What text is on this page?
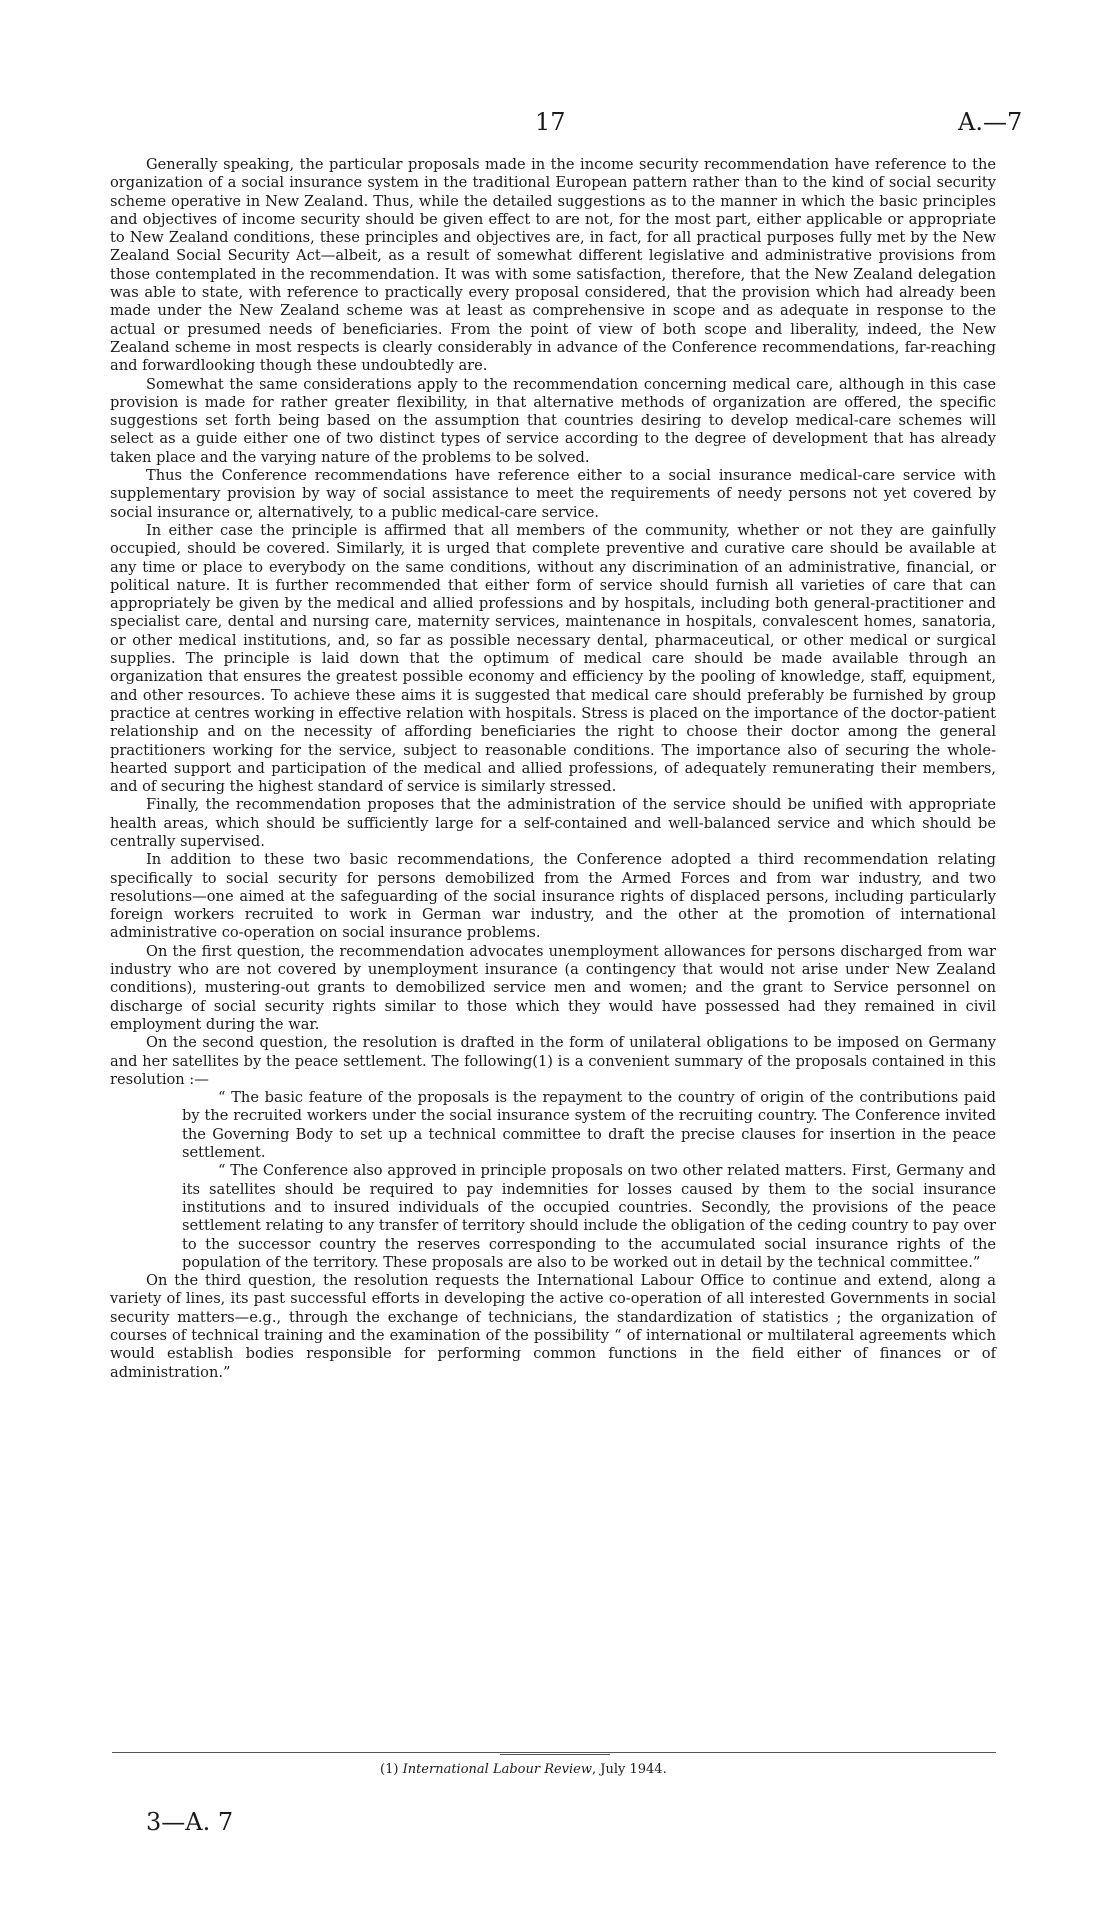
17	A.—7

Generally speaking, the particular proposals made in the income security recommendation have reference to the organization of a social insurance system in the traditional European pattern rather than to the kind of social security scheme operative in New Zealand. Thus, while the detailed suggestions as to the manner in which the basic principles and objectives of income security should be given effect to are not, for the most part, either applicable or appropriate to New Zealand conditions, these principles and objectives are, in fact, for all practical purposes fully met by the New Zealand Social Security Act—albeit, as a result of somewhat different legislative and administrative provisions from those contemplated in the recommendation. It was with some satisfaction, therefore, that the New Zealand delegation was able to state, with reference to practically every proposal considered, that the provision which had already been made under the New Zealand scheme was at least as comprehensive in scope and as adequate in response to the actual or presumed needs of beneficiaries. From the point of view of both scope and liberality, indeed, the New Zealand scheme in most respects is clearly considerably in advance of the Conference recommendations, far-reaching and forwardlooking though these undoubtedly are.

Somewhat the same considerations apply to the recommendation concerning medical care, although in this case provision is made for rather greater flexibility, in that alternative methods of organization are offered, the specific suggestions set forth being based on the assumption that countries desiring to develop medical-care schemes will select as a guide either one of two distinct types of service according to the degree of development that has already taken place and the varying nature of the problems to be solved.

Thus the Conference recommendations have reference either to a social insurance medical-care service with supplementary provision by way of social assistance to meet the requirements of needy persons not yet covered by social insurance or, alternatively, to a public medical-care service.

In either case the principle is affirmed that all members of the community, whether or not they are gainfully occupied, should be covered. Similarly, it is urged that complete preventive and curative care should be available at any time or place to everybody on the same conditions, without any discrimination of an administrative, financial, or political nature. It is further recommended that either form of service should furnish all varieties of care that can appropriately be given by the medical and allied professions and by hospitals, including both general-practitioner and specialist care, dental and nursing care, maternity services, maintenance in hospitals, convalescent homes, sanatoria, or other medical institutions, and, so far as possible necessary dental, pharmaceutical, or other medical or surgical supplies. The principle is laid down that the optimum of medical care should be made available through an organization that ensures the greatest possible economy and efficiency by the pooling of knowledge, staff, equipment, and other resources. To achieve these aims it is suggested that medical care should preferably be furnished by group practice at centres working in effective relation with hospitals. Stress is placed on the importance of the doctor-patient relationship and on the necessity of affording beneficiaries the right to choose their doctor among the general practitioners working for the service, subject to reasonable conditions. The importance also of securing the whole-hearted support and participation of the medical and allied professions, of adequately remunerating their members, and of securing the highest standard of service is similarly stressed.

Finally, the recommendation proposes that the administration of the service should be unified with appropriate health areas, which should be sufficiently large for a self-contained and well-balanced service and which should be centrally supervised.

In addition to these two basic recommendations, the Conference adopted a third recommendation relating specifically to social security for persons demobilized from the Armed Forces and from war industry, and two resolutions—one aimed at the safeguarding of the social insurance rights of displaced persons, including particularly foreign workers recruited to work in German war industry, and the other at the promotion of international administrative co-operation on social insurance problems.

On the first question, the recommendation advocates unemployment allowances for persons discharged from war industry who are not covered by unemployment insurance (a contingency that would not arise under New Zealand conditions), mustering-out grants to demobilized service men and women; and the grant to Service personnel on discharge of social security rights similar to those which they would have possessed had they remained in civil employment during the war.

On the second question, the resolution is drafted in the form of unilateral obligations to be imposed on Germany and her satellites by the peace settlement. The following(1) is a convenient summary of the proposals contained in this resolution :—

“ The basic feature of the proposals is the repayment to the country of origin of the contributions paid by the recruited workers under the social insurance system of the recruiting country. The Conference invited the Governing Body to set up a technical committee to draft the precise clauses for insertion in the peace settlement.

“ The Conference also approved in principle proposals on two other related matters. First, Germany and its satellites should be required to pay indemnities for losses caused by them to the social insurance institutions and to insured individuals of the occupied countries. Secondly, the provisions of the peace settlement relating to any transfer of territory should include the obligation of the ceding country to pay over to the successor country the reserves corresponding to the accumulated social insurance rights of the population of the territory. These proposals are also to be worked out in detail by the technical committee.”

On the third question, the resolution requests the International Labour Office to continue and extend, along a variety of lines, its past successful efforts in developing the active co-operation of all interested Governments in social security matters—e.g., through the exchange of technicians, the standardization of statistics ; the organization of courses of technical training and the examination of the possibility “ of international or multilateral agreements which would establish bodies responsible for performing common functions in the field either of finances or of administration.”

(1) International Labour Review, July 1944.
3—A. 7
